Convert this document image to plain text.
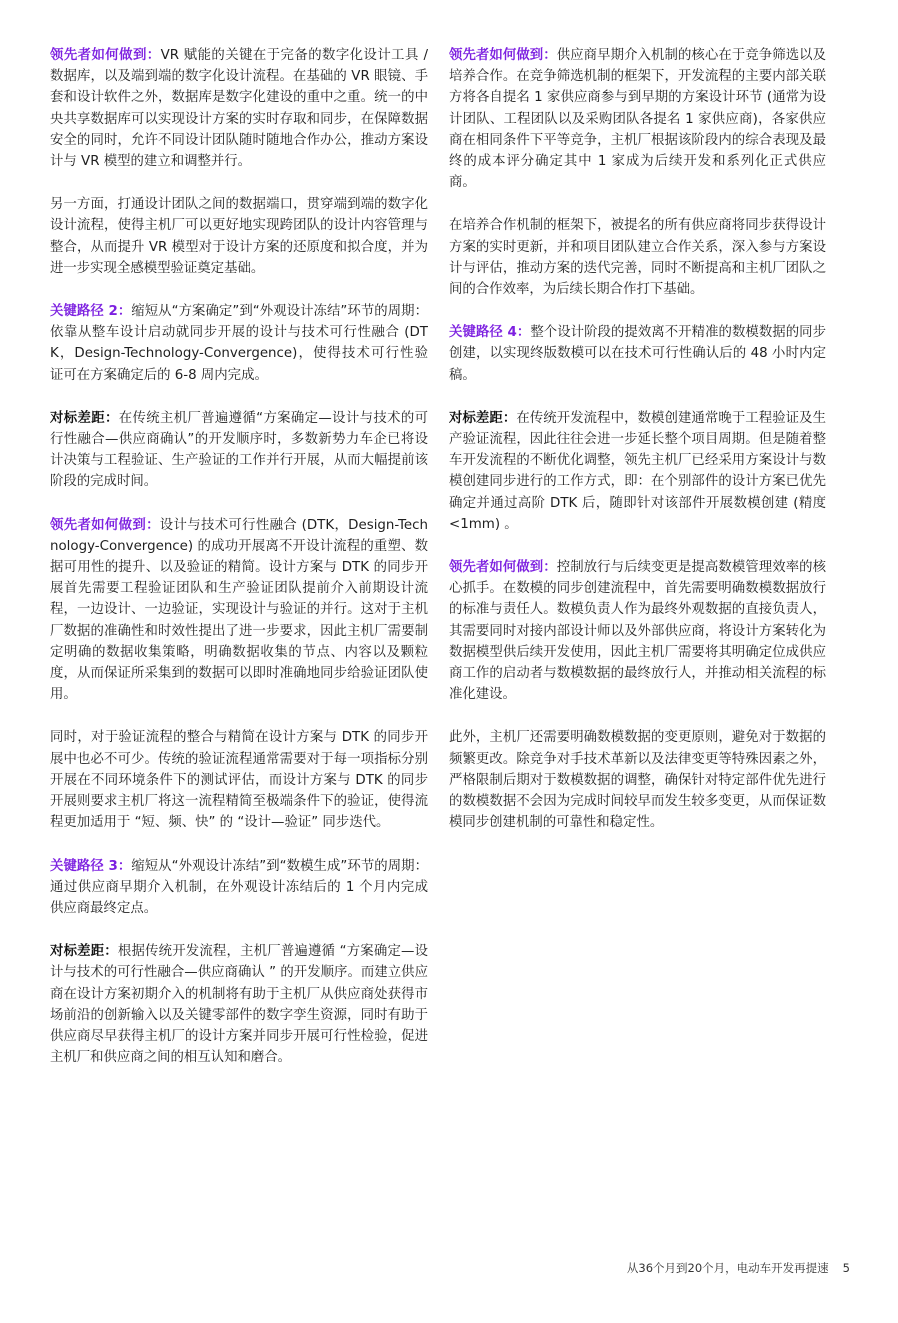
领先者如何做到：VR 赋能的关键在于完备的数字化设计工具 / 数据库，以及端到端的数字化设计流程。在基础的 VR 眼镜、手套和设计软件之外，数据库是数字化建设的重中之重。统一的中央共享数据库可以实现设计方案的实时存取和同步，在保障数据安全的同时，允许不同设计团队随时随地合作办公，推动方案设计与 VR 模型的建立和调整并行。

另一方面，打通设计团队之间的数据端口，贯穿端到端的数字化设计流程，使得主机厂可以更好地实现跨团队的设计内容管理与整合，从而提升 VR 模型对于设计方案的还原度和拟合度，并为进一步实现全感模型验证奠定基础。

关键路径 2：缩短从“方案确定”到“外观设计冻结”环节的周期：依靠从整车设计启动就同步开展的设计与技术可行性融合 (DTK，Design-Technology-Convergence)，使得技术可行性验证可在方案确定后的 6-8 周内完成。

对标差距：在传统主机厂普遍遵循“方案确定—设计与技术的可行性融合—供应商确认”的开发顺序时，多数新势力车企已将设计决策与工程验证、生产验证的工作并行开展，从而大幅提前该阶段的完成时间。

领先者如何做到：设计与技术可行性融合 (DTK，Design-Technology-Convergence) 的成功开展离不开设计流程的重塑、数据可用性的提升、以及验证的精简。设计方案与 DTK 的同步开展首先需要工程验证团队和生产验证团队提前介入前期设计流程，一边设计、一边验证，实现设计与验证的并行。这对于主机厂数据的准确性和时效性提出了进一步要求，因此主机厂需要制定明确的数据收集策略，明确数据收集的节点、内容以及颗粒度，从而保证所采集到的数据可以即时准确地同步给验证团队使用。

同时，对于验证流程的整合与精简在设计方案与 DTK 的同步开展中也必不可少。传统的验证流程通常需要对于每一项指标分别开展在不同环境条件下的测试评估，而设计方案与 DTK 的同步开展则要求主机厂将这一流程精简至极端条件下的验证，使得流程更加适用于 “短、频、快” 的 “设计—验证” 同步迭代。

关键路径 3：缩短从“外观设计冻结”到“数模生成”环节的周期：通过供应商早期介入机制，在外观设计冻结后的 1 个月内完成供应商最终定点。

对标差距：根据传统开发流程，主机厂普遍遵循 “方案确定—设计与技术的可行性融合—供应商确认 ” 的开发顺序。而建立供应商在设计方案初期介入的机制将有助于主机厂从供应商处获得市场前沿的创新输入以及关键零部件的数字孪生资源，同时有助于供应商尽早获得主机厂的设计方案并同步开展可行性检验，促进主机厂和供应商之间的相互认知和磨合。

领先者如何做到：供应商早期介入机制的核心在于竞争筛选以及培养合作。在竞争筛选机制的框架下，开发流程的主要内部关联方将各自提名 1 家供应商参与到早期的方案设计环节 (通常为设计团队、工程团队以及采购团队各提名 1 家供应商)，各家供应商在相同条件下平等竞争，主机厂根据该阶段内的综合表现及最终的成本评分确定其中 1 家成为后续开发和系列化正式供应商。

在培养合作机制的框架下，被提名的所有供应商将同步获得设计方案的实时更新，并和项目团队建立合作关系，深入参与方案设计与评估，推动方案的迭代完善，同时不断提高和主机厂团队之间的合作效率，为后续长期合作打下基础。

关键路径 4：整个设计阶段的提效离不开精准的数模数据的同步创建，以实现终版数模可以在技术可行性确认后的 48 小时内定稿。

对标差距：在传统开发流程中，数模创建通常晚于工程验证及生产验证流程，因此往往会进一步延长整个项目周期。但是随着整车开发流程的不断优化调整，领先主机厂已经采用方案设计与数模创建同步进行的工作方式，即：在个别部件的设计方案已优先确定并通过高阶 DTK 后，随即针对该部件开展数模创建 (精度 <1mm) 。

领先者如何做到：控制放行与后续变更是提高数模管理效率的核心抓手。在数模的同步创建流程中，首先需要明确数模数据放行的标准与责任人。数模负责人作为最终外观数据的直接负责人，其需要同时对接内部设计师以及外部供应商，将设计方案转化为数据模型供后续开发使用，因此主机厂需要将其明确定位成供应商工作的启动者与数模数据的最终放行人，并推动相关流程的标准化建设。

此外，主机厂还需要明确数模数据的变更原则，避免对于数据的频繁更改。除竞争对手技术革新以及法律变更等特殊因素之外，严格限制后期对于数模数据的调整，确保针对特定部件优先进行的数模数据不会因为完成时间较早而发生较多变更，从而保证数模同步创建机制的可靠性和稳定性。

从36个月到20个月，电动车开发再提速 5
